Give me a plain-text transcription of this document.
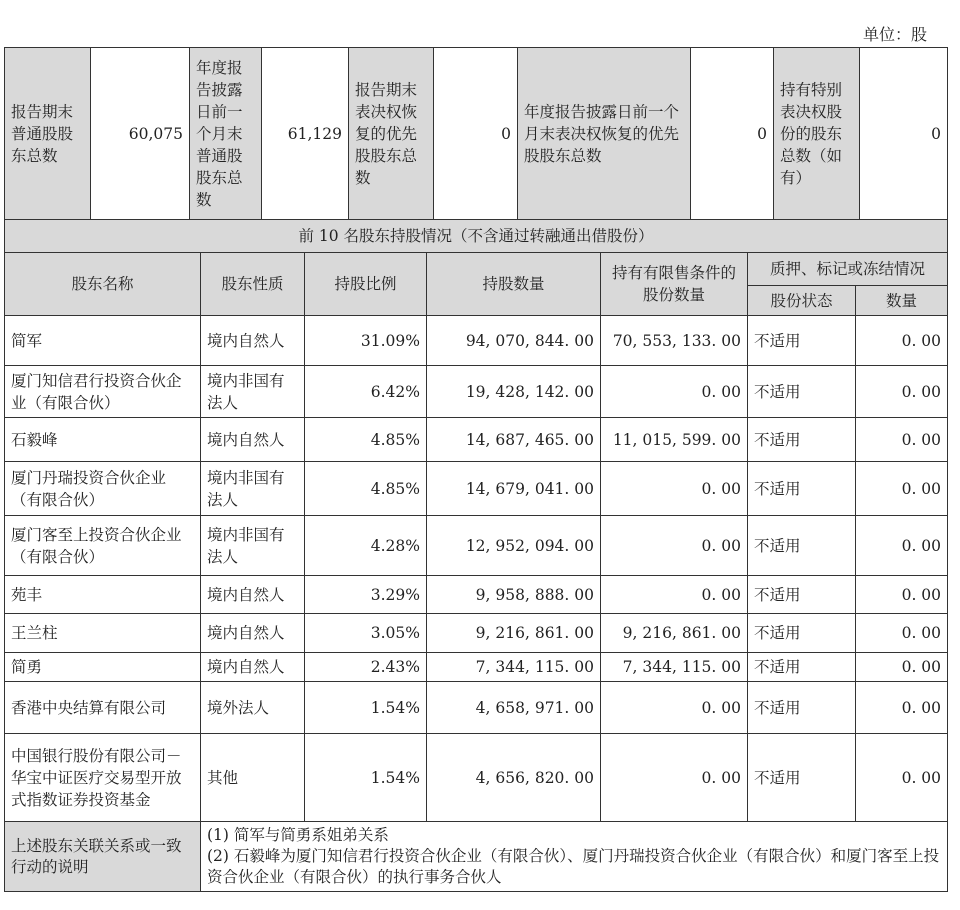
单位：股
报告期末普通股股东总数	60,075	年度报告披露日前一个月末普通股股东总数	61,129	报告期末表决权恢复的优先股股东总数	0	年度报告披露日前一个月末表决权恢复的优先股股东总数	0	持有特别表决权股份的股东总数（如有）	0
前 10 名股东持股情况（不含通过转融通出借股份）						
股东名称	股东性质	持股比例	持股数量	持有有限售条件的股份数量	质押、标记或冻结情况	
					股份状态	数量
简军	境内自然人	31.09%	94, 070, 844. 00	70, 553, 133. 00	不适用	0. 00
厦门知信君行投资合伙企业（有限合伙）	境内非国有法人	6.42%	19, 428, 142. 00	0. 00	不适用	0. 00
石毅峰	境内自然人	4.85%	14, 687, 465. 00	11, 015, 599. 00	不适用	0. 00
厦门丹瑞投资合伙企业（有限合伙）	境内非国有法人	4.85%	14, 679, 041. 00	0. 00	不适用	0. 00
厦门客至上投资合伙企业（有限合伙）	境内非国有法人	4.28%	12, 952, 094. 00	0. 00	不适用	0. 00
苑丰	境内自然人	3.29%	9, 958, 888. 00	0. 00	不适用	0. 00
王兰柱	境内自然人	3.05%	9, 216, 861. 00	9, 216, 861. 00	不适用	0. 00
简勇	境内自然人	2.43%	7, 344, 115. 00	7, 344, 115. 00	不适用	0. 00
香港中央结算有限公司	境外法人	1.54%	4, 658, 971. 00	0. 00	不适用	0. 00
中国银行股份有限公司－华宝中证医疗交易型开放式指数证券投资基金	其他	1.54%	4, 656, 820. 00	0. 00	不适用	0. 00
上述股东关联关系或一致行动的说明	(1) 简军与简勇系姐弟关系
(2) 石毅峰为厦门知信君行投资合伙企业（有限合伙）、厦门丹瑞投资合伙企业（有限合伙）和厦门客至上投资合伙企业（有限合伙）的执行事务合伙人					
